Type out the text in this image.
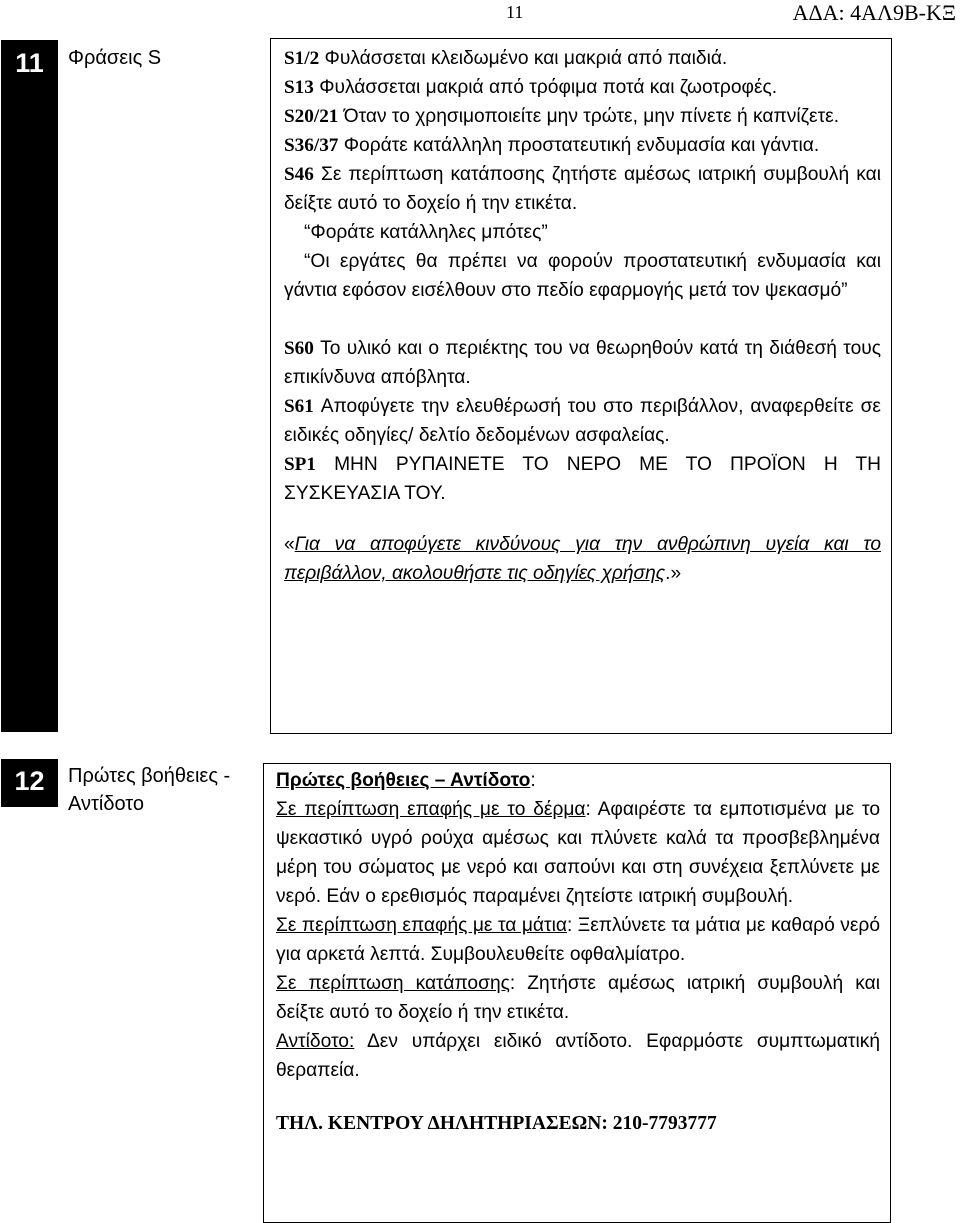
11	ΑΔΑ: 4ΑΛ9Β-ΚΞ
11	Φράσεις S	S1/2 Φυλάσσεται κλειδωμένο και μακριά από παιδιά.

S13 Φυλάσσεται μακριά από τρόφιμα ποτά και ζωοτροφές.

S20/21 Όταν το χρησιμοποιείτε μην τρώτε, μην πίνετε ή καπνίζετε.

S36/37 Φοράτε κατάλληλη προστατευτική ενδυμασία και γάντια.

S46 Σε περίπτωση κατάποσης ζητήστε αμέσως ιατρική συμβουλή και δείξτε αυτό το δοχείο ή την ετικέτα.

“Φοράτε κατάλληλες μπότες”

“Οι εργάτες θα πρέπει να φορούν προστατευτική ενδυμασία και γάντια εφόσον εισέλθουν στο πεδίο εφαρμογής μετά τον ψεκασμό”

S60 Το υλικό και ο περιέκτης του να θεωρηθούν κατά τη διάθεσή τους επικίνδυνα απόβλητα.

S61 Αποφύγετε την ελευθέρωσή του στο περιβάλλον, αναφερθείτε σε ειδικές οδηγίες/ δελτίο δεδομένων ασφαλείας.

SP1 ΜΗΝ ΡΥΠΑΙΝΕΤΕ ΤΟ ΝΕΡΟ ΜΕ ΤΟ ΠΡΟΪΟΝ Η ΤΗ ΣΥΣΚΕΥΑΣΙΑ ΤΟΥ.

«Για να αποφύγετε κινδύνους για την ανθρώπινη υγεία και το περιβάλλον, ακολουθήστε τις οδηγίες χρήσης.»

12	Πρώτες βοήθειες - Αντίδοτο

Πρώτες βοήθειες – Αντίδοτο:

Σε περίπτωση επαφής με το δέρμα: Αφαιρέστε τα εμποτισμένα με το ψεκαστικό υγρό ρούχα αμέσως και πλύνετε καλά τα προσβεβλημένα μέρη του σώματος με νερό και σαπούνι και στη συνέχεια ξεπλύνετε με νερό. Εάν ο ερεθισμός παραμένει ζητείστε ιατρική συμβουλή.

Σε περίπτωση επαφής με τα μάτια: Ξεπλύνετε τα μάτια με καθαρό νερό για αρκετά λεπτά. Συμβουλευθείτε οφθαλμίατρο.

Σε περίπτωση κατάποσης: Ζητήστε αμέσως ιατρική συμβουλή και δείξτε αυτό το δοχείο ή την ετικέτα.

Αντίδοτο: Δεν υπάρχει ειδικό αντίδοτο. Εφαρμόστε συμπτωματική θεραπεία.

ΤΗΛ. ΚΕΝΤΡΟΥ ΔΗΛΗΤΗΡΙΑΣΕΩΝ: 210-7793777
